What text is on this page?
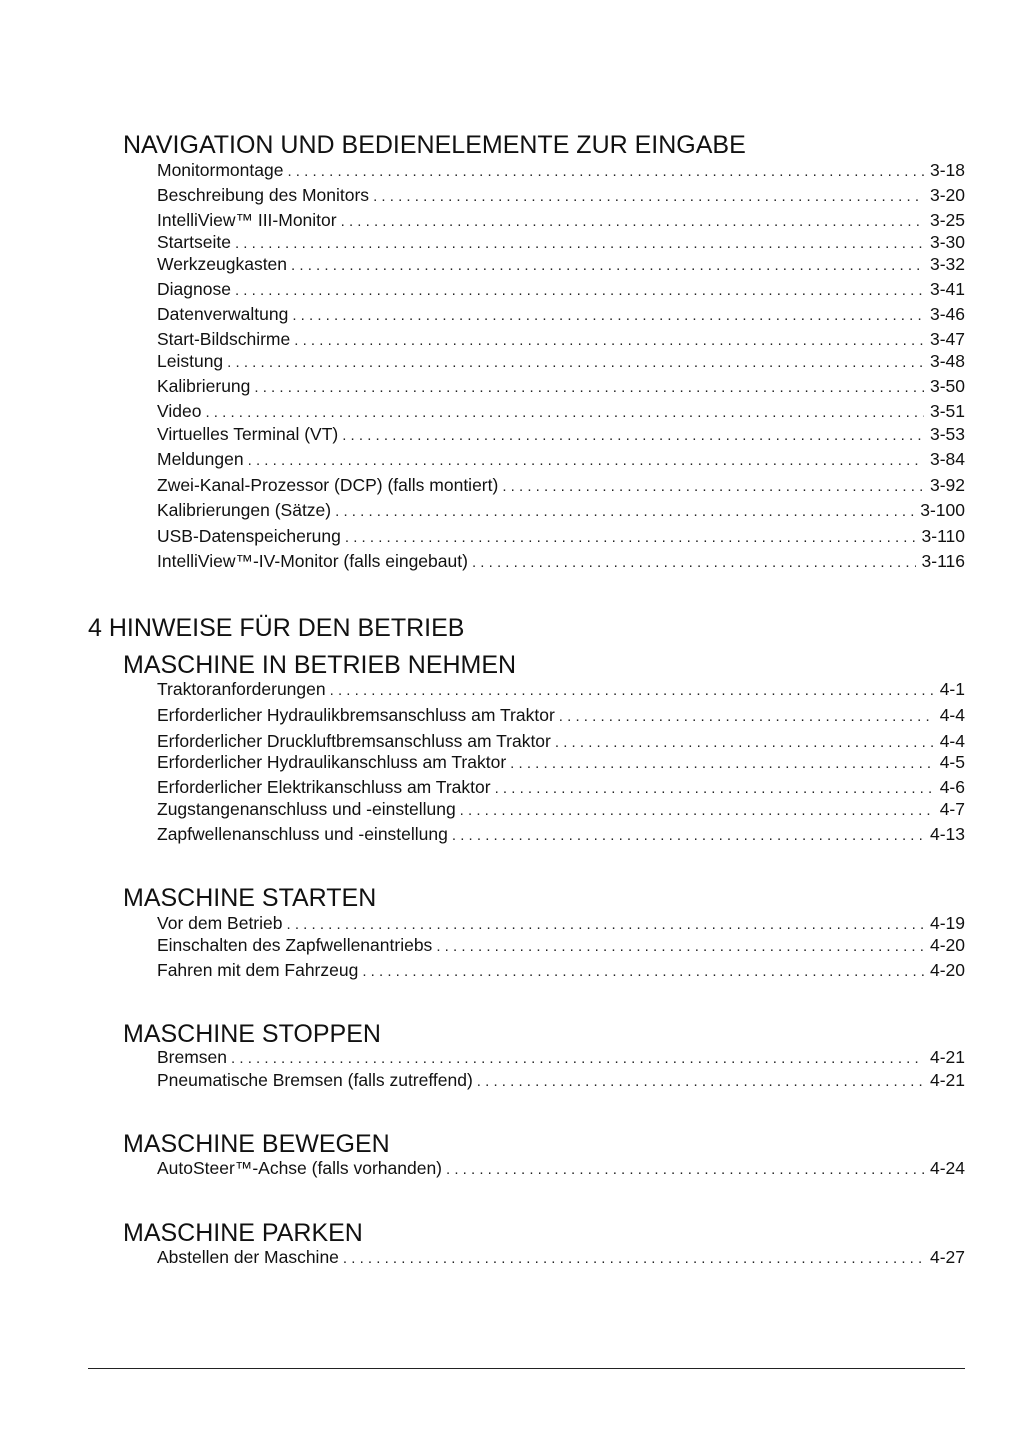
NAVIGATION UND BEDIENELEMENTE ZUR EINGABE
Monitormontage . . .	3-18
Beschreibung des Monitors . . .	3-20
IntelliView™ III-Monitor . . .	3-25
Startseite . . .	3-30
Werkzeugkasten . . .	3-32
Diagnose . . .	3-41
Datenverwaltung . . .	3-46
Start-Bildschirme . . .	3-47
Leistung . . .	3-48
Kalibrierung . . .	3-50
Video . . .	3-51
Virtuelles Terminal (VT) . . .	3-53
Meldungen . . .	3-84
Zwei-Kanal-Prozessor (DCP) (falls montiert) . . .	3-92
Kalibrierungen (Sätze) . . .	3-100
USB-Datenspeicherung . . .	3-110
IntelliView™-IV-Monitor (falls eingebaut) . . .	3-116
4 HINWEISE FÜR DEN BETRIEB
MASCHINE IN BETRIEB NEHMEN
Traktoranforderungen . . .	4-1
Erforderlicher Hydraulikbremsanschluss am Traktor . . .	4-4
Erforderlicher Druckluftbremsanschluss am Traktor . . .	4-4
Erforderlicher Hydraulikanschluss am Traktor . . .	4-5
Erforderlicher Elektrikanschluss am Traktor . . .	4-6
Zugstangenanschluss und -einstellung . . .	4-7
Zapfwellenanschluss und -einstellung . . .	4-13
MASCHINE STARTEN
Vor dem Betrieb . . .	4-19
Einschalten des Zapfwellenantriebs . . .	4-20
Fahren mit dem Fahrzeug . . .	4-20
MASCHINE STOPPEN
Bremsen . . .	4-21
Pneumatische Bremsen (falls zutreffend) . . .	4-21
MASCHINE BEWEGEN
AutoSteer™-Achse (falls vorhanden) . . .	4-24
MASCHINE PARKEN
Abstellen der Maschine . . .	4-27
